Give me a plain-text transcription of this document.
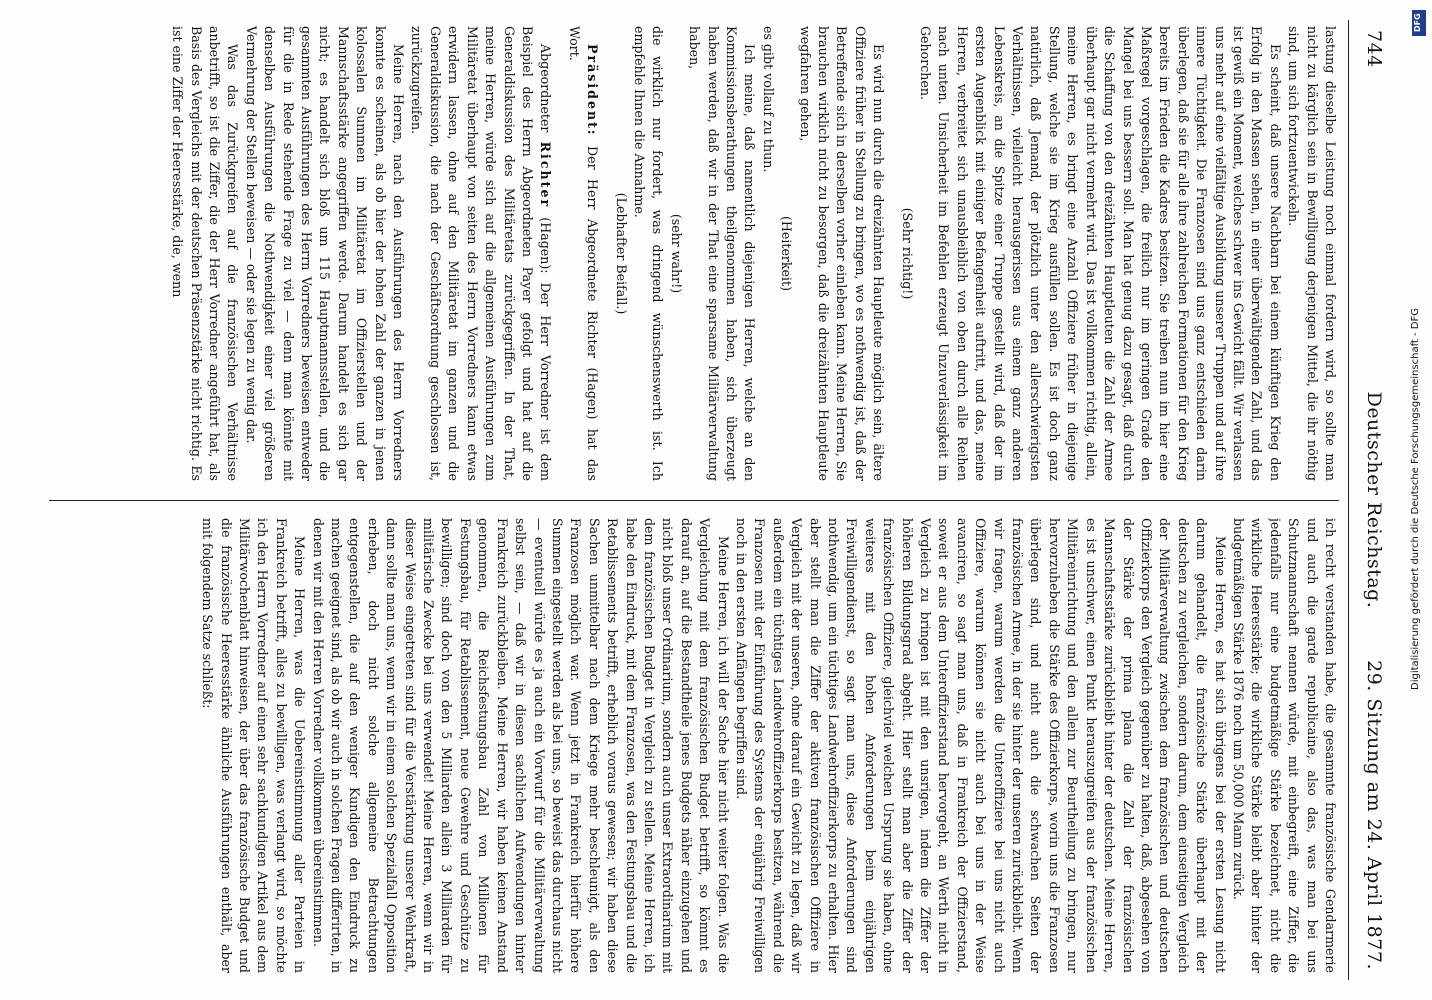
744
Deutscher Reichstag.
29. Sitzung am 24. April 1877.

lastung dieselbe Leistung noch einmal fordern wird, so sollte man nicht zu kärglich sein in Bewilligung derjenigen Mittel, die ihr nöthig sind, um sich fortzuentwickeln.

Es scheint, daß unsere Nachbarn bei einem künftigen Krieg den Erfolg in den Massen sehen, in einer überwältigenden Zahl, und das ist gewiß ein Moment, welches schwer ins Gewicht fällt. Wir verlassen uns mehr auf eine vielfältige Ausbildung unserer Truppen und auf ihre innere Tüchtigkeit. Die Franzosen sind uns ganz entschieden darin überlegen, daß sie für alle ihre zahlreichen Formationen für den Krieg bereits im Frieden die Kadres besitzen. Sie treiben nun im hier eine Maßregel vorgeschlagen, die freilich nur im geringen Grade den Mangel bei uns bessern soll. Man hat genug dazu gesagt, daß durch die Schaffung von den dreizähnten Hauptleuten die Zahl der Armee überhaupt gar nicht vermehrt wird. Das ist vollkommen richtig, allein, meine Herren, es bringt eine Anzahl Offiziere früher in diejenige Stellung, welche sie im Krieg ausfüllen sollen. Es ist doch ganz natürlich, daß Jemand, der plötzlich unter den allerschwierigsten Verhältnissen, vielleicht herausgerissen aus einem ganz anderen Lebenskreis, an die Spitze einer Truppe gestellt wird, daß der im ersten Augenblick mit einiger Befangenheit auftritt, und das, meine Herren, verbreitet sich unausbleiblich von oben durch alle Reihen nach unten. Unsicherheit im Befehlen erzeugt Unzuverlässigkeit im Gehorchen.

(Sehr richtig!)

Es wird nun durch die dreizähnten Hauptleute möglich sein, ältere Offiziere früher in Stellung zu bringen, wo es nothwendig ist, daß der Betreffende sich in derselben vorher einleben kann. Meine Herren, Sie brauchen wirklich nicht zu besorgen, daß die dreizähnten Hauptleute wegfahren gehen,

(Heiterkeit)

es gibt vollauf zu thun.

Ich meine, daß namentlich diejenigen Herren, welche an den Kommissionsberathungen theilgenommen haben, sich überzeugt haben werden, daß wir in der That eine sparsame Militärverwaltung haben,

(sehr wahr!)

die wirklich nur fordert, was dringend wünschenswerth ist. Ich empfehle Ihnen die Annahme.

(Lebhafter Beifall.)

Präsident: Der Herr Abgeordnete Richter (Hagen) hat das Wort.

Abgeordneter Richter (Hagen): Der Herr Vorredner ist dem Beispiel des Herrn Abgeordneten Payer gefolgt und hat auf die Generaldiskussion des Militäretats zurückgegriffen. In der That, meine Herren, würde sich auf die allgemeinen Ausführungen zum Militäretat überhaupt von seiten des Herrn Vorredners kann etwas erwidern lassen, ohne auf den Militäretat im ganzen und die Generaldiskussion, die nach der Geschäftsordnung geschlossen ist, zurückzugreifen.

Meine Herren, nach den Ausführungen des Herrn Vorredners konnte es scheinen, als ob hier der hohen Zahl der ganzen in jenen kolossalen Summen im Militäretat im Offizierstellen und der Mannschaftsstärke angegriffen werde. Darum handelt es sich gar nicht; es handelt sich bloß um 115 Hauptmannsstellen, und die gesammten Ausführungen des Herrn Vorredners beweisen entweder für die in Rede stehende Frage zu viel — denn man könnte mit denselben Ausführungen die Nothwendigkeit einer viel größeren Vermehrung der Stellen beweisen — oder sie legen zu wenig dar.

Was das Zurückgreifen auf die französischen Verhältnisse anbetrifft, so ist die Ziffer, die der Herr Vorredner angeführt hat, als Basis des Vergleichs mit der deutschen Präsenzstärke nicht richtig. Es ist eine Ziffer der Heeresstärke, die, wenn

ich recht verstanden habe, die gesammte französische Gendarmerie und auch die garde republicaine, also das, was man bei uns Schutzmannschaft nennen würde, mit einbegreift, eine Ziffer, die jedenfalls nur eine budgetmäßige Stärke bezeichnet, nicht die wirkliche Heeresstärke; die wirkliche Stärke bleibt aber hinter der budgetmäßigen Stärke 1876 noch um 50,000 Mann zurück.

Meine Herren, es hat sich übrigens bei der ersten Lesung nicht darum gehandelt, die französische Stärke überhaupt mit der deutschen zu vergleichen, sondern darum, dem einseitigen Vergleich der Militärverwaltung zwischen dem französischen und deutschen Offizierkorps den Vergleich gegenüber zu halten, daß, abgesehen von der Stärke der prima plana die Zahl der französischen Mannschaftsstärke zurückbleibt hinter der deutschen. Meine Herren, es ist unschwer, einen Punkt herauszugreifen aus der französischen Militäreinrichtung und den allein zur Beurtheilung zu bringen, nur hervorzuheben die Stärke des Offizierkorps, worin uns die Franzosen überlegen sind, und nicht auch die schwachen Seiten der französischen Armee, in der sie hinter der unseren zurückbleibt. Wenn wir fragen, warum werden die Unteroffiziere bei uns nicht auch Offiziere, warum können sie nicht auch bei uns in der Weise avanciren, so sagt man uns, daß in Frankreich der Offizierstand, soweit er aus dem Unteroffizierstand hervorgeht, an Werth nicht in Vergleich zu bringen ist mit den unsrigen, indem die Ziffer der höheren Bildungsgrad abgeht. Hier stellt man aber die Ziffer der französischen Offiziere, gleichviel welchen Ursprung sie haben, ohne weiteres mit den hohen Anforderungen beim einjährigen Freiwilligendienst, so sagt man uns, diese Anforderungen sind nothwendig, um ein tüchtiges Landwehroffizierkorps zu erhalten. Hier aber stellt man die Ziffer der aktiven französischen Offiziere in Vergleich mit der unseren, ohne darauf ein Gewicht zu legen, daß wir außerdem ein tüchtiges Landwehroffizierkorps besitzen, während die Franzosen mit der Einführung des Systems der einjährig Freiwilligen noch in den ersten Anfängen begriffen sind.

Meine Herren, ich will der Sache hier nicht weiter folgen. Was die Vergleichung mit dem französischen Budget betrifft, so kömmt es darauf an, auf die Bestandtheile jenes Budgets näher einzugehen und nicht bloß unser Ordinarium, sondern auch unser Extraordinarium mit dem französischen Budget in Vergleich zu stellen. Meine Herren, ich habe den Eindruck, mit dem Franzosen, was den Festungsbau und die Retablissements betrifft, erheblich voraus gewesen; wir haben diese Sachen unmittelbar nach dem Kriege mehr beschleunigt, als den Franzosen möglich war. Wenn jetzt in Frankreich hierfür höhere Summen eingestellt werden als bei uns, so beweist das durchaus nicht — eventuell würde es ja auch ein Vorwurf für die Militärverwaltung selbst sein, — daß wir in diesen sachlichen Aufwendungen hinter Frankreich zurückbleiben. Meine Herren, wir haben keinen Anstand genommen, die Reichsfestungsbau Zahl von Millionen für Festungsbau, für Retablissement, neue Gewehre und Geschütze zu bewilligen; sind doch von den 5 Milliarden allein 3 Milliarden für militärische Zwecke bei uns verwendet! Meine Herren, wenn wir in dieser Weise eingetreten sind für die Verstärkung unserer Wehrkraft, dann sollte man uns, wenn wir in einem solchen Spezialfall Opposition erheben, doch nicht solche allgemeine Betrachtungen entgegenstellen, die auf den weniger Kundigen den Eindruck zu machen geeignet sind, als ob wir auch in solchen Fragen differirten, in denen wir mit den Herren Vorredner vollkommen übereinstimmen.

Meine Herren, was die Uebereinstimmung aller Parteien in Frankreich betrifft, alles zu bewilligen, was verlangt wird, so möchte ich den Herrn Vorredner auf einen sehr sachkundigen Artikel aus dem Militärwochenblatt hinweisen, der über das französische Budget und die französische Heeresstärke ähnliche Ausführungen enthält, aber mit folgendem Satze schließt:

DFG
Digitalisierung gefördert durch die Deutsche Forschungsgemeinschaft - DFG
